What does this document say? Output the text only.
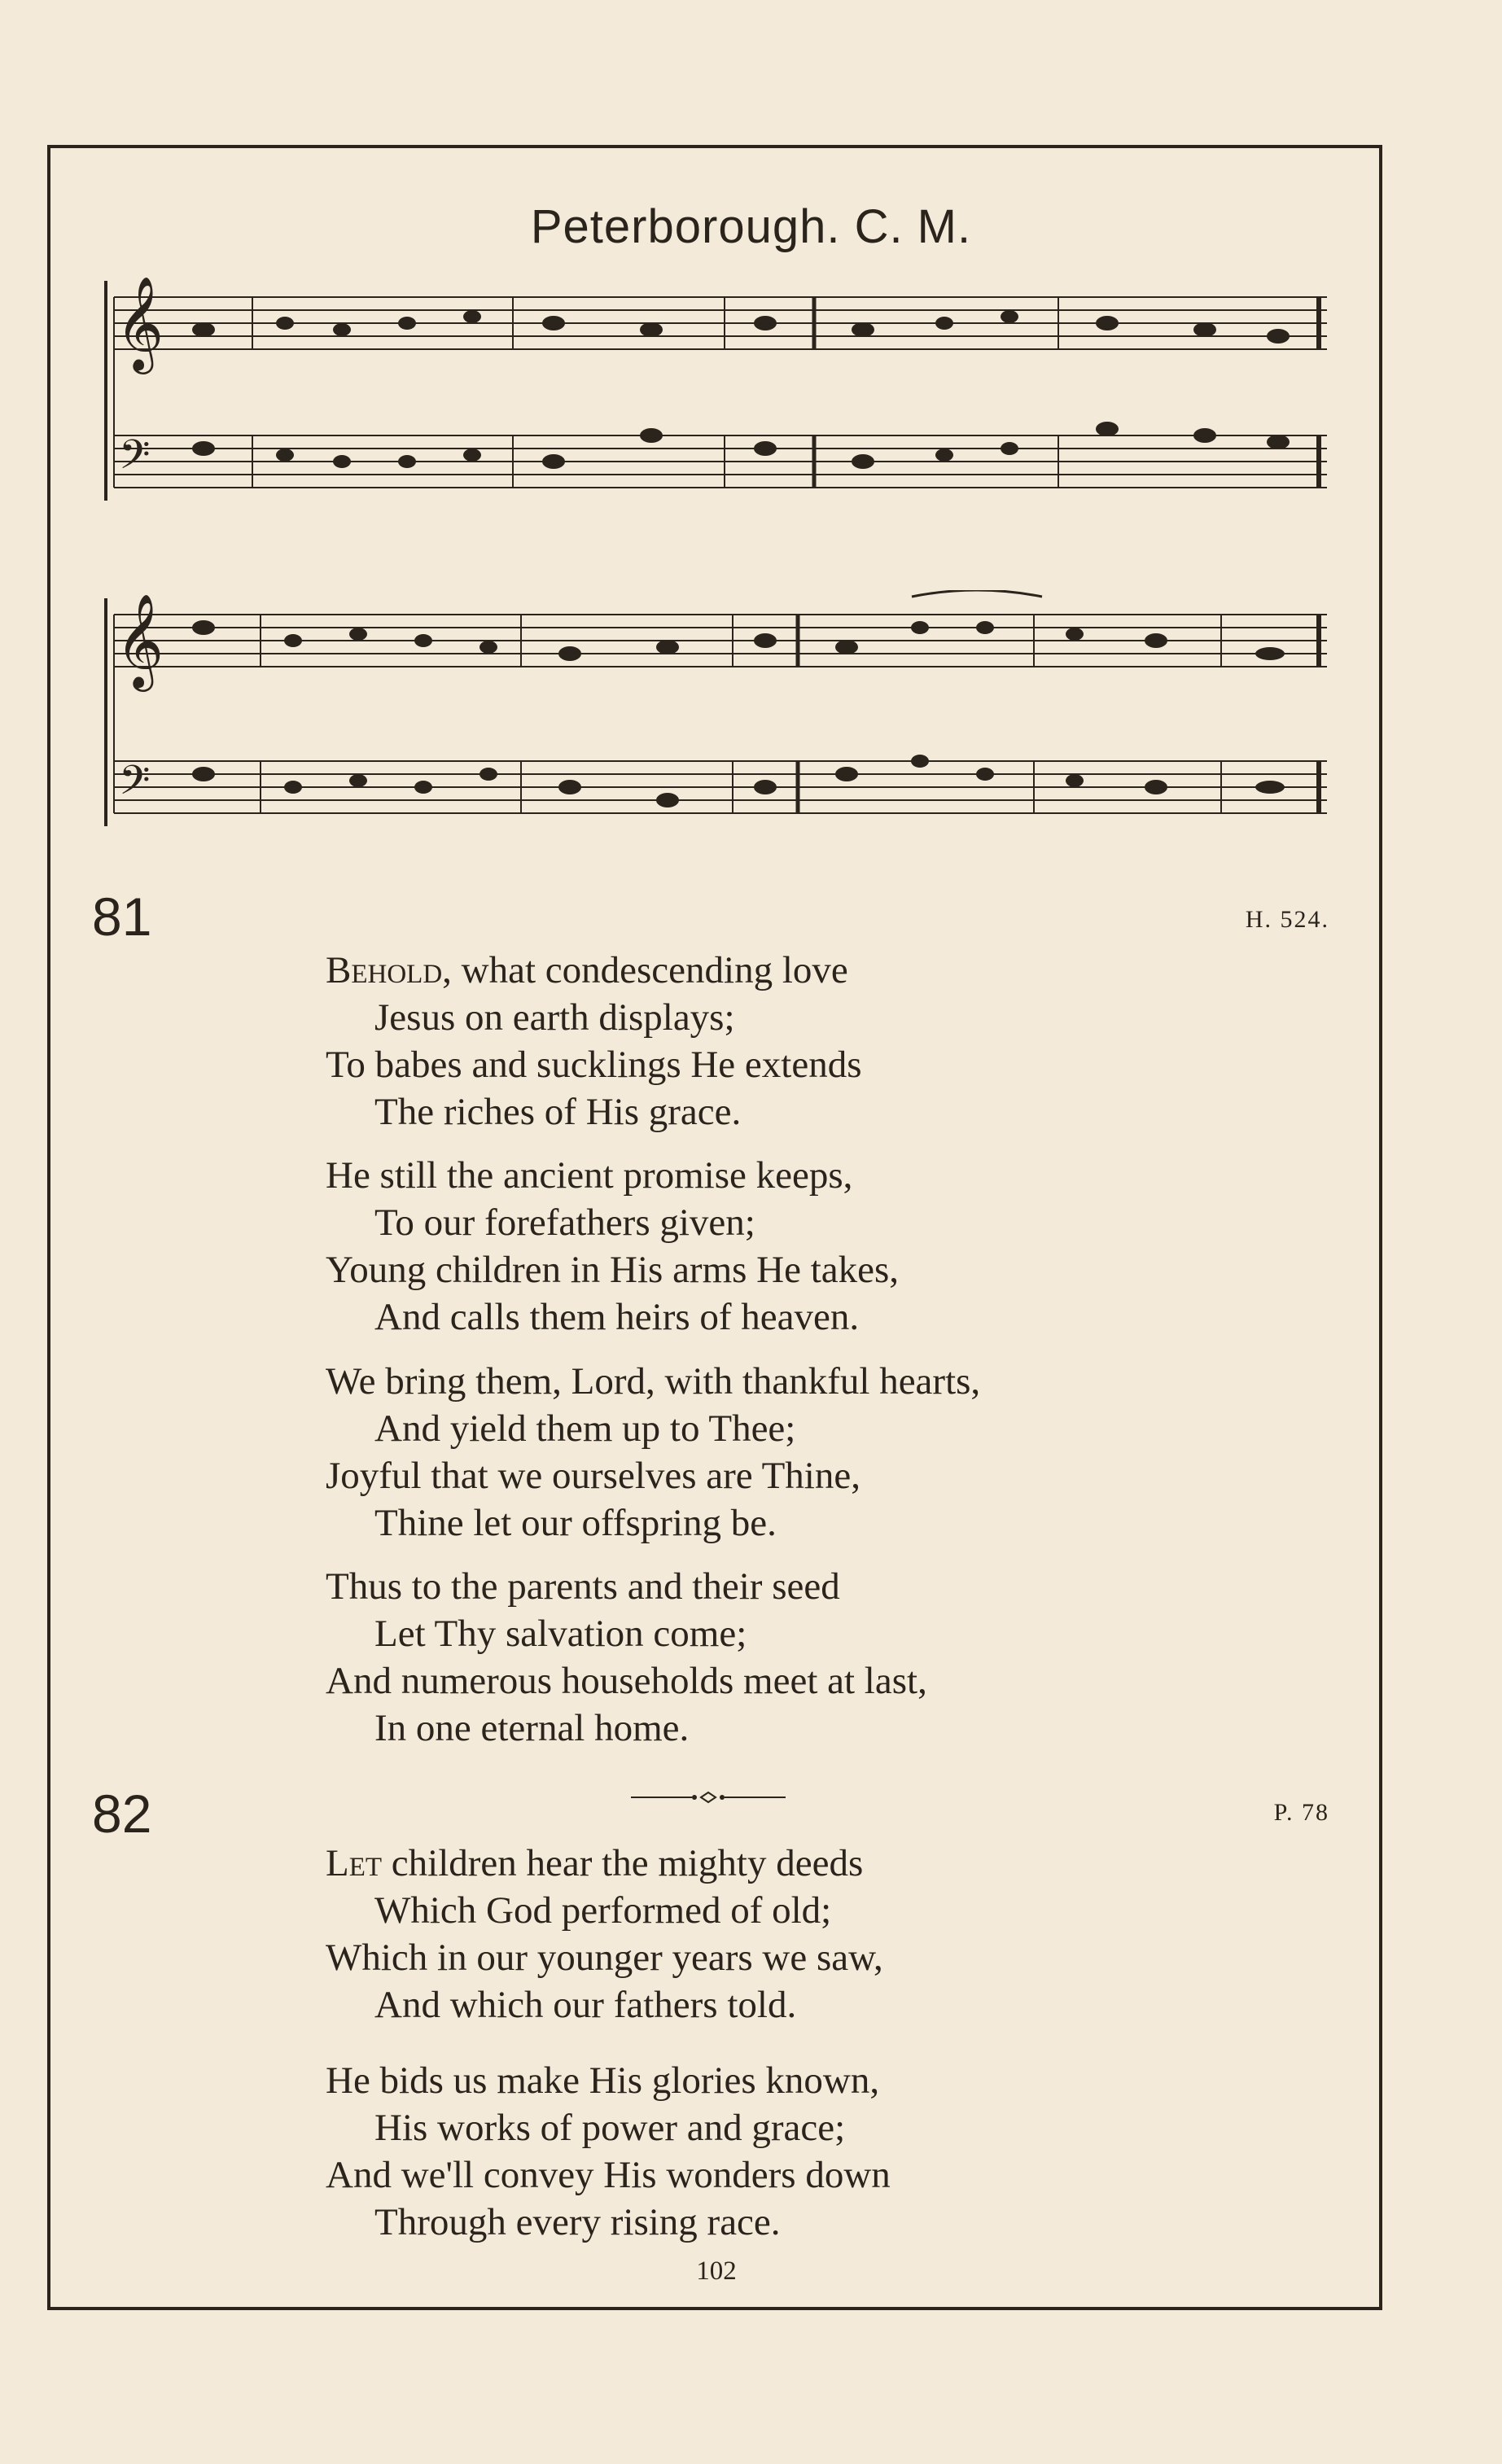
Peterborough. C. M.
𝄞
𝄢
𝄞
𝄢
81	H. 524.
Behold, what condescending love
Jesus on earth displays;
To babes and sucklings He extends
The riches of His grace.
He still the ancient promise keeps,
To our forefathers given;
Young children in His arms He takes,
And calls them heirs of heaven.
We bring them, Lord, with thankful hearts,
And yield them up to Thee;
Joyful that we ourselves are Thine,
Thine let our offspring be.
Thus to the parents and their seed
Let Thy salvation come;
And numerous households meet at last,
In one eternal home.
82	P. 78
Let children hear the mighty deeds
Which God performed of old;
Which in our younger years we saw,
And which our fathers told.
He bids us make His glories known,
His works of power and grace;
And we'll convey His wonders down
Through every rising race.
102
